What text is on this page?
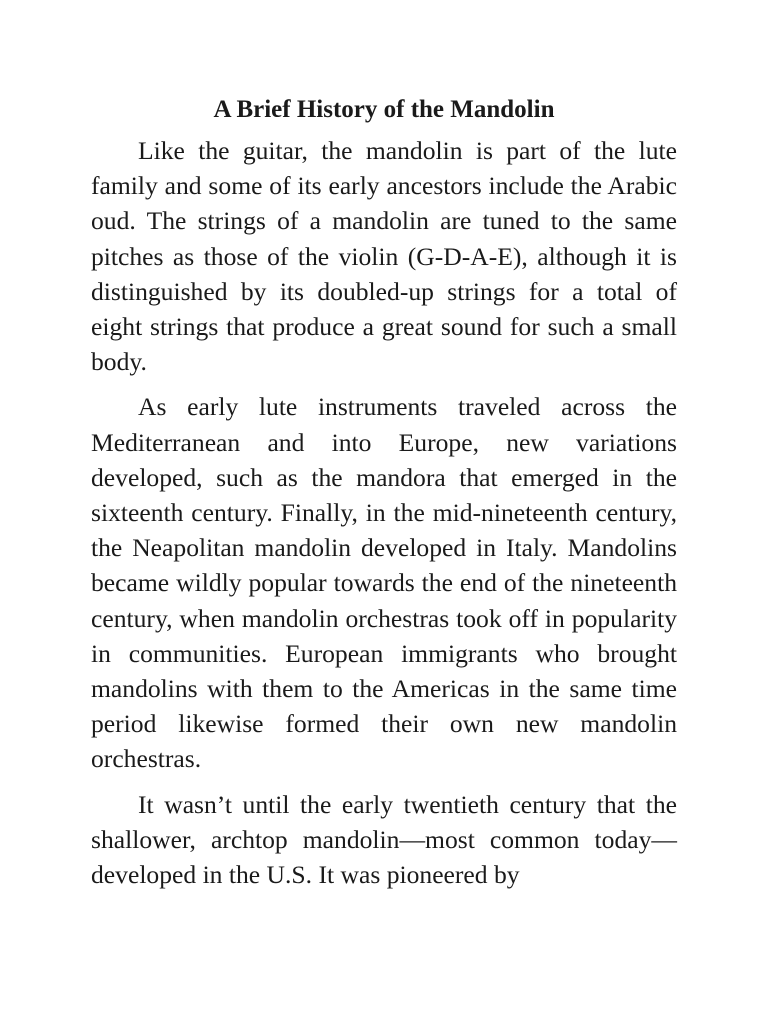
A Brief History of the Mandolin

Like the guitar, the mandolin is part of the lute family and some of its early ancestors include the Arabic oud. The strings of a mandolin are tuned to the same pitches as those of the violin (G-D-A-E), although it is distinguished by its doubled-up strings for a total of eight strings that produce a great sound for such a small body.

As early lute instruments traveled across the Mediterranean and into Europe, new variations developed, such as the mandora that emerged in the sixteenth century. Finally, in the mid-nineteenth century, the Neapolitan mandolin developed in Italy. Mandolins became wildly popular towards the end of the nineteenth century, when mandolin orchestras took off in popularity in communities. European immigrants who brought mandolins with them to the Americas in the same time period likewise formed their own new mandolin orchestras.

It wasn’t until the early twentieth century that the shallower, archtop mandolin—most common today—developed in the U.S. It was pioneered by
